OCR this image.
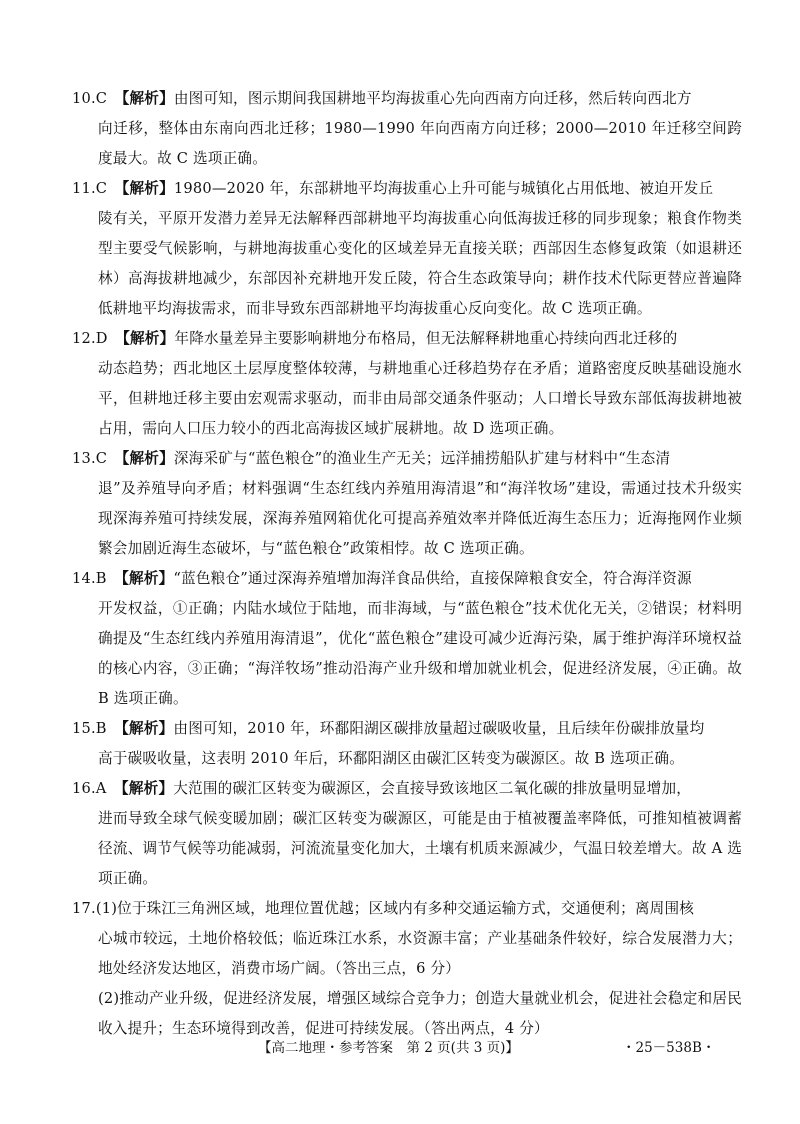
10.C　 【解析】由图可知，图示期间我国耕地平均海拔重心先向西南方向迁移，然后转向西北方
向迁移，整体由东南向西北迁移；1980—1990 年向西南方向迁移；2000—2010 年迁移空间跨度最大。故 C 选项正确。
11.C　 【解析】1980—2020 年，东部耕地平均海拔重心上升可能与城镇化占用低地、被迫开发丘
陵有关，平原开发潜力差异无法解释西部耕地平均海拔重心向低海拔迁移的同步现象；粮食作物类型主要受气候影响，与耕地海拔重心变化的区域差异无直接关联；西部因生态修复政策（如退耕还林）高海拔耕地减少，东部因补充耕地开发丘陵，符合生态政策导向；耕作技术代际更替应普遍降低耕地平均海拔需求，而非导致东西部耕地平均海拔重心反向变化。故 C 选项正确。
12.D　 【解析】年降水量差异主要影响耕地分布格局，但无法解释耕地重心持续向西北迁移的
动态趋势；西北地区土层厚度整体较薄，与耕地重心迁移趋势存在矛盾；道路密度反映基础设施水平，但耕地迁移主要由宏观需求驱动，而非由局部交通条件驱动；人口增长导致东部低海拔耕地被占用，需向人口压力较小的西北高海拔区域扩展耕地。故 D 选项正确。
13.C　 【解析】深海采矿与“蓝色粮仓”的渔业生产无关；远洋捕捞船队扩建与材料中“生态清
退”及养殖导向矛盾；材料强调“生态红线内养殖用海清退”和“海洋牧场”建设，需通过技术升级实现深海养殖可持续发展，深海养殖网箱优化可提高养殖效率并降低近海生态压力；近海拖网作业频繁会加剧近海生态破坏，与“蓝色粮仓”政策相悖。故 C 选项正确。
14.B　 【解析】“蓝色粮仓”通过深海养殖增加海洋食品供给，直接保障粮食安全，符合海洋资源
开发权益，①正确；内陆水域位于陆地，而非海域，与“蓝色粮仓”技术优化无关，②错误；材料明确提及“生态红线内养殖用海清退”，优化“蓝色粮仓”建设可减少近海污染，属于维护海洋环境权益的核心内容，③正确；“海洋牧场”推动沿海产业升级和增加就业机会，促进经济发展，④正确。故 B 选项正确。
15.B　 【解析】由图可知，2010 年，环鄱阳湖区碳排放量超过碳吸收量，且后续年份碳排放量均
高于碳吸收量，这表明 2010 年后，环鄱阳湖区由碳汇区转变为碳源区。故 B 选项正确。
16.A　 【解析】大范围的碳汇区转变为碳源区，会直接导致该地区二氧化碳的排放量明显增加，
进而导致全球气候变暖加剧；碳汇区转变为碳源区，可能是由于植被覆盖率降低，可推知植被调蓄径流、调节气候等功能减弱，河流流量变化加大，土壤有机质来源减少，气温日较差增大。故 A 选项正确。
17.(1)位于珠江三角洲区域，地理位置优越；区域内有多种交通运输方式，交通便利；离周围核
心城市较远，土地价格较低；临近珠江水系，水资源丰富；产业基础条件较好，综合发展潜力大；地处经济发达地区，消费市场广阔。（答出三点，6 分）
(2)推动产业升级，促进经济发展，增强区域综合竞争力；创造大量就业机会，促进社会稳定和居民收入提升；生态环境得到改善，促进可持续发展。（答出两点，4 分）
【高二地理・参考答案　第 2 页(共 3 页)】	・25－538B・
